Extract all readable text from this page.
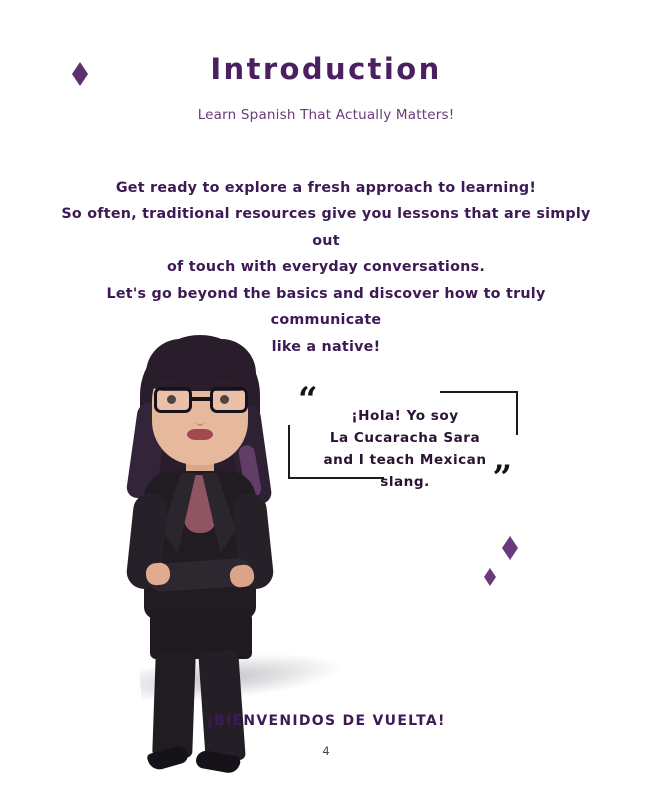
Introduction
Learn Spanish That Actually Matters!
Get ready to explore a fresh approach to learning!
So often, traditional resources give you lessons that are simply out
of touch with everyday conversations.
Let's go beyond the basics and discover how to truly communicate
like a native!
“
”
¡Hola! Yo soy
La Cucaracha Sara
and I teach Mexican slang.
¡BIENVENIDOS DE VUELTA!
4
